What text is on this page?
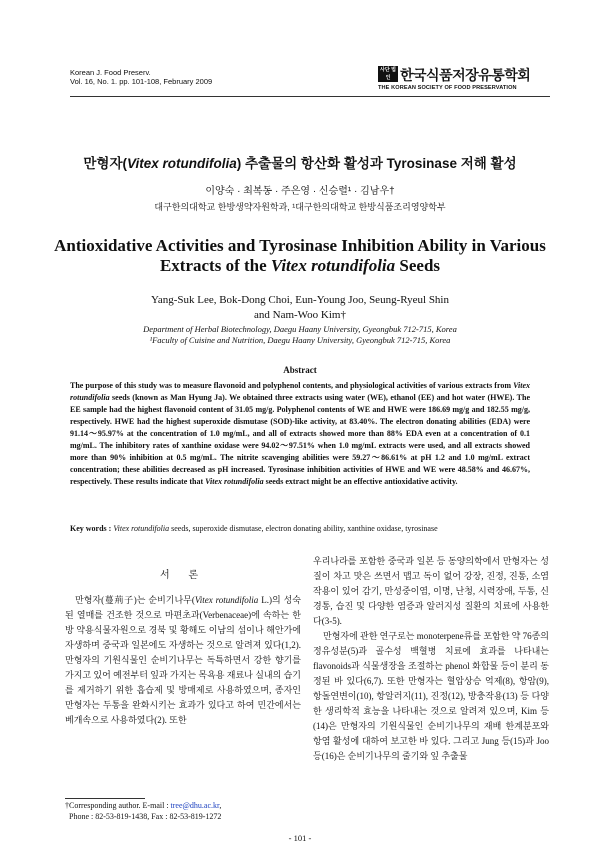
Korean J. Food Preserv.
Vol. 16, No. 1. pp. 101-108, February 2009
사단 법인 한국식품저장유통학회
THE KOREAN SOCIETY OF FOOD PRESERVATION
만형자(Vitex rotundifolia) 추출물의 항산화 활성과 Tyrosinase 저해 활성
이양숙 · 최복동 · 주은영 · 신승렬¹ · 김남우†
대구한의대학교 한방생약자원학과, ¹대구한의대학교 한방식품조리영양학부
Antioxidative Activities and Tyrosinase Inhibition Ability in Various
Extracts of the Vitex rotundifolia Seeds
Yang-Suk Lee, Bok-Dong Choi, Eun-Young Joo, Seung-Ryeul Shin
and Nam-Woo Kim†
Department of Herbal Biotechnology, Daegu Haany University, Gyeongbuk 712-715, Korea
¹Faculty of Cuisine and Nutrition, Daegu Haany University, Gyeongbuk 712-715, Korea
Abstract
The purpose of this study was to measure flavonoid and polyphenol contents, and physiological activities of various extracts from Vitex rotundifolia seeds (known as Man Hyung Ja). We obtained three extracts using water (WE), ethanol (EE) and hot water (HWE). The EE sample had the highest flavonoid content of 31.05 mg/g. Polyphenol contents of WE and HWE were 186.69 mg/g and 182.55 mg/g, respectively. HWE had the highest superoxide dismutase (SOD)-like activity, at 83.40%. The electron donating abilities (EDA) were 91.14～95.97% at the concentration of 1.0 mg/mL, and all of extracts showed more than 88% EDA even at a concentration of 0.1 mg/mL. The inhibitory rates of xanthine oxidase were 94.02～97.51% when 1.0 mg/mL extracts were used, and all extracts showed more than 90% inhibition at 0.5 mg/mL. The nitrite scavenging abilities were 59.27～86.61% at pH 1.2 and 1.0 mg/mL extract concentration; these abilities decreased as pH increased. Tyrosinase inhibition activities of HWE and WE were 48.58% and 46.67%, respectively. These results indicate that Vitex rotundifolia seeds extract might be an effective antioxidative activity.
Key words : Vitex rotundifolia seeds, superoxide dismutase, electron donating ability, xanthine oxidase, tyrosinase
서 론

만형자(蔓荊子)는 순비기나무(Vitex rotundifolia L.)의 성숙된 열매를 건조한 것으로 마편초과(Verbenaceae)에 속하는 한방 약용식물자원으로 경북 및 황해도 이남의 섬이나 해안가에 자생하며 중국과 일본에도 자생하는 것으로 알려져 있다(1,2). 만형자의 기원식물인 순비기나무는 독특하면서 강한 향기를 가지고 있어 예전부터 잎과 가지는 목욕용 재료나 실내의 습기를 제거하기 위한 흡습제 및 방매제로 사용하였으며, 종자인 만형자는 두통을 완화시키는 효과가 있다고 하여 민간에서는 베개속으로 사용하였다(2). 또한

우리나라를 포함한 중국과 일본 등 동양의학에서 만형자는 성질이 차고 맛은 쓰면서 맵고 독이 없어 강장, 진정, 진통, 소염작용이 있어 감기, 만성중이염, 이명, 난청, 시력장애, 두통, 신경통, 습진 및 다양한 염증과 알러지성 질환의 치료에 사용한다(3-5).

만형자에 관한 연구로는 monoterpene류를 포함한 약 76종의 정유성분(5)과 골수성 백혈병 치료에 효과를 나타내는 flavonoids과 식물생장을 조절하는 phenol 화합물 등이 분리 동정된 바 있다(6,7). 또한 만형자는 혈압상승 억제(8), 항암(9), 항돌연변이(10), 항알러지(11), 진정(12), 방충작용(13) 등 다양한 생리학적 효능을 나타내는 것으로 알려져 있으며, Kim 등(14)은 만형자의 기원식물인 순비기나무의 재배 한계분포와 항염 활성에 대하여 보고한 바 있다. 그리고 Jung 등(15)과 Joo 등(16)은 순비기나무의 줄기와 잎 추출물

†Corresponding author. E-mail : tree@dhu.ac.kr,
Phone : 82-53-819-1438, Fax : 82-53-819-1272
- 101 -
